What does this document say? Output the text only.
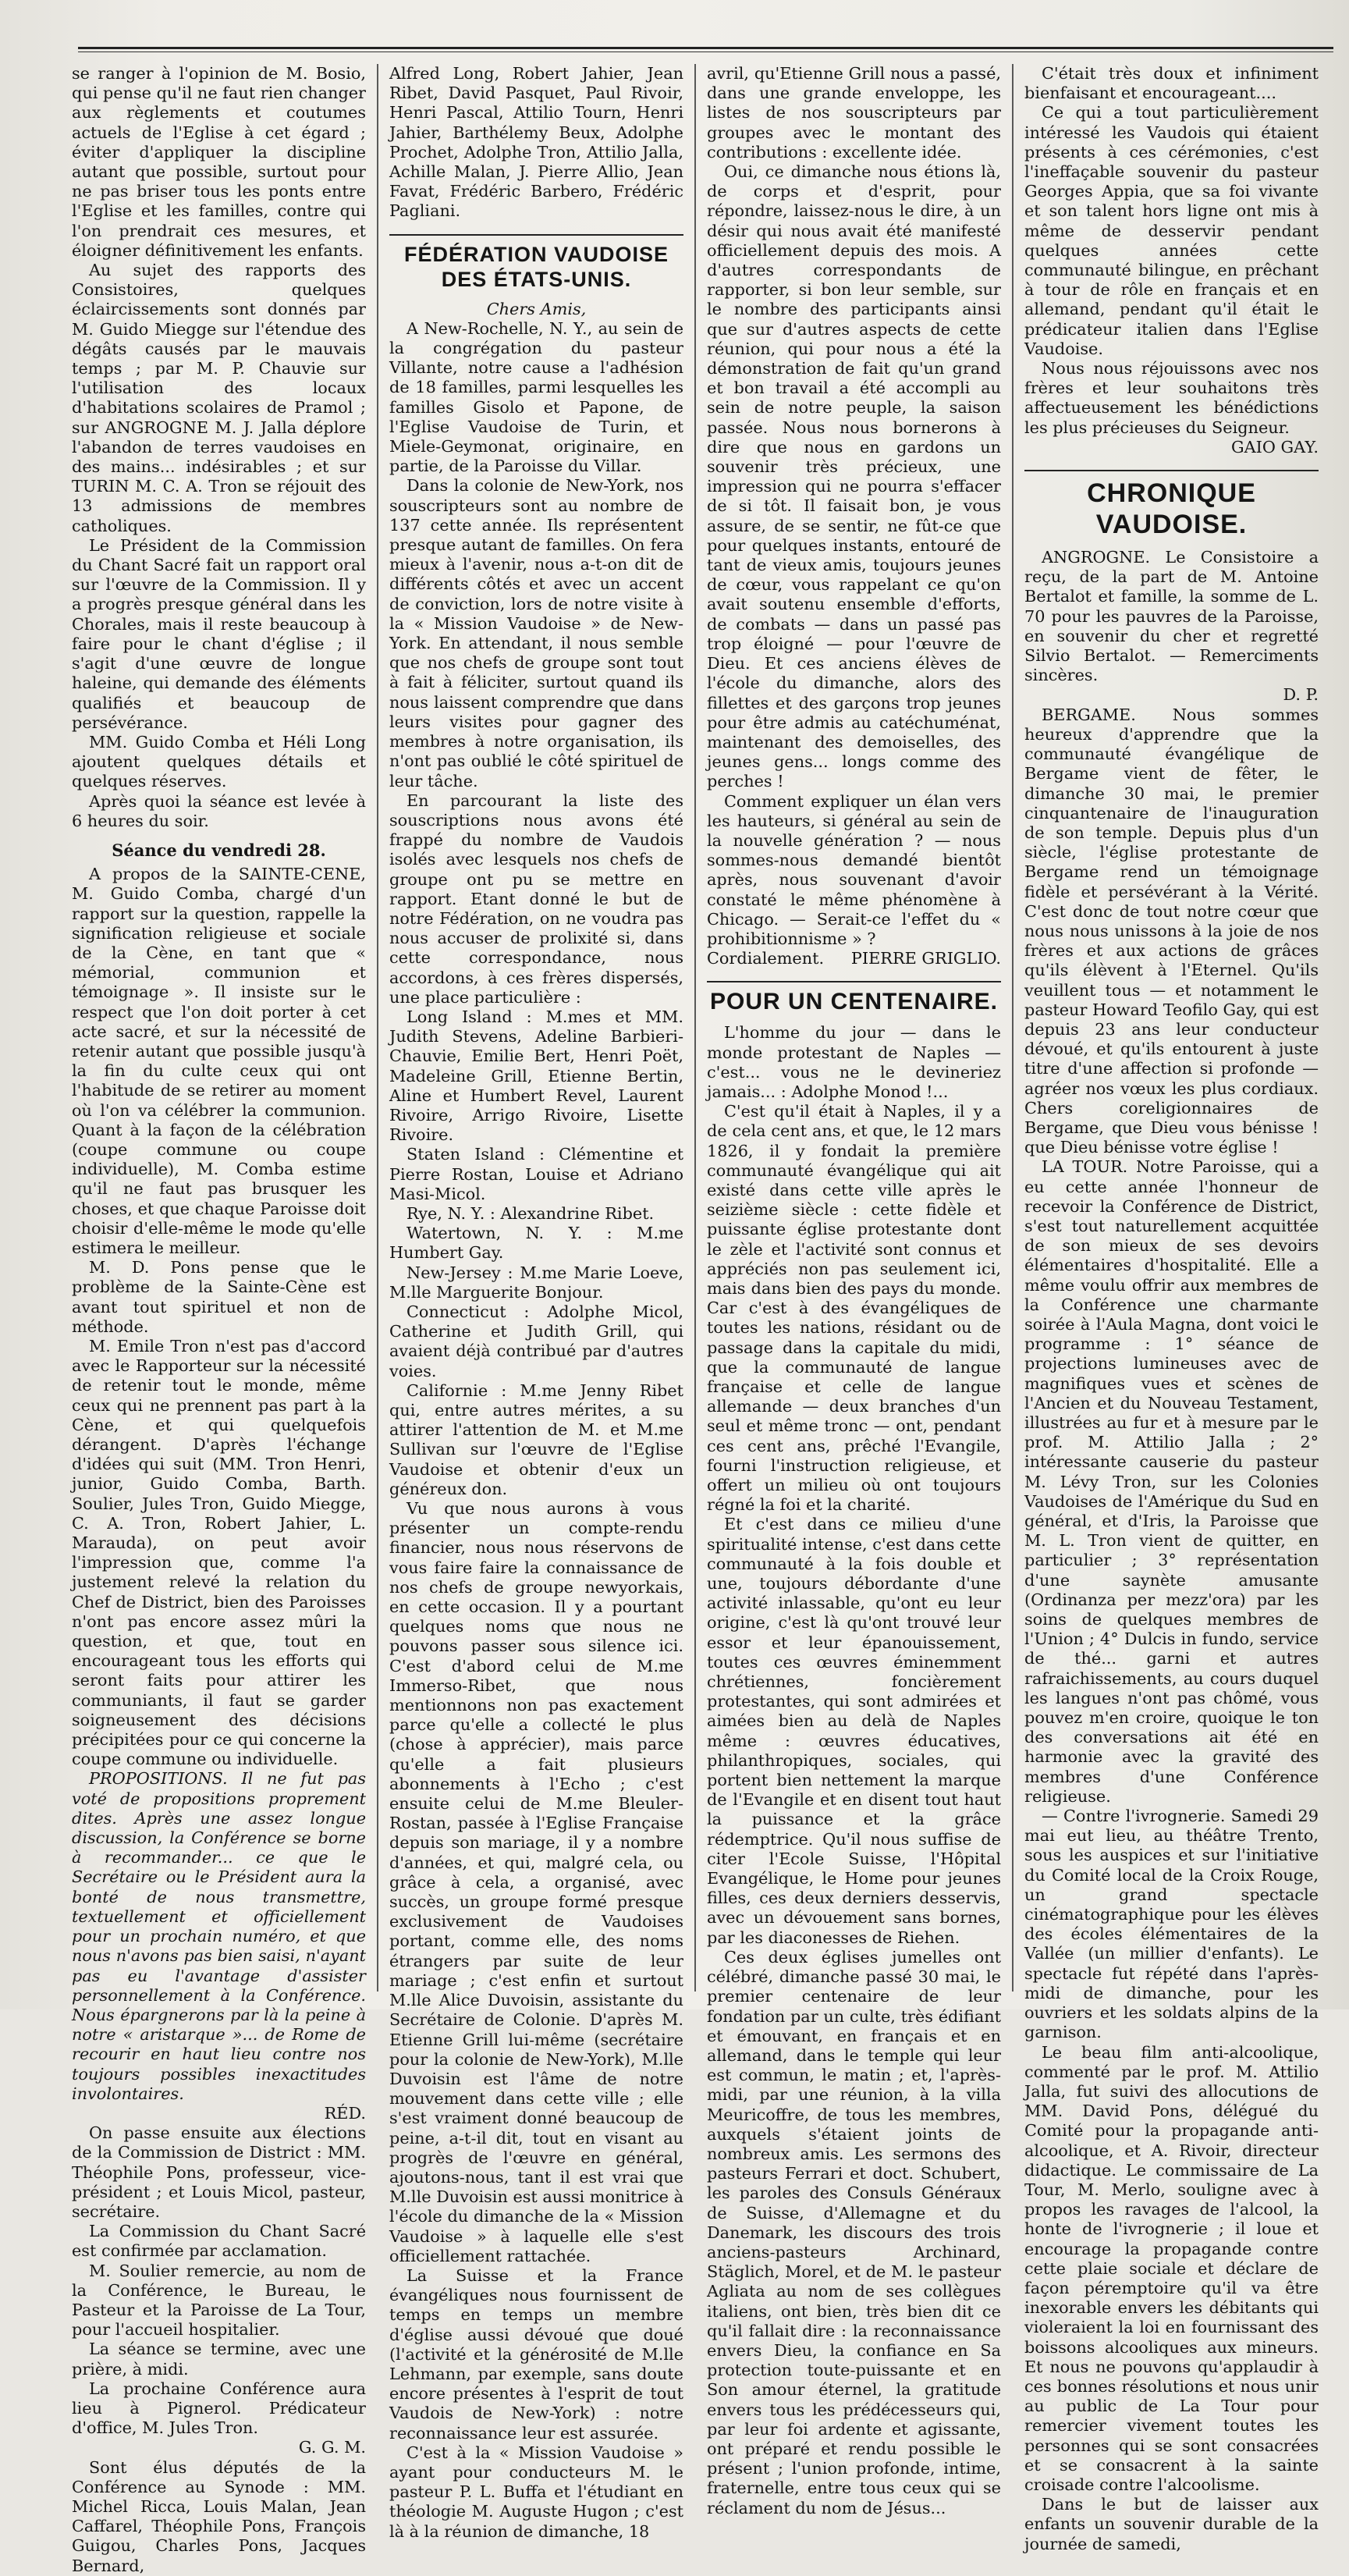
se ranger à l'opinion de M. Bosio, qui pense qu'il ne faut rien changer aux règlements et coutumes actuels de l'Eglise à cet égard ; éviter d'appliquer la discipline autant que possible, surtout pour ne pas briser tous les ponts entre l'Eglise et les familles, contre qui l'on prendrait ces mesures, et éloigner définitivement les enfants.

Au sujet des rapports des Consistoires, quelques éclaircissements sont donnés par M. Guido Miegge sur l'étendue des dégâts causés par le mauvais temps ; par M. P. Chauvie sur l'utilisation des locaux d'habitations scolaires de Pramol ; sur ANGROGNE M. J. Jalla déplore l'abandon de terres vaudoises en des mains... indésirables ; et sur TURIN M. C. A. Tron se réjouit des 13 admissions de membres catholiques.

Le Président de la Commission du Chant Sacré fait un rapport oral sur l'œuvre de la Commission. Il y a progrès presque général dans les Chorales, mais il reste beaucoup à faire pour le chant d'église ; il s'agit d'une œuvre de longue haleine, qui demande des éléments qualifiés et beaucoup de persévérance.

MM. Guido Comba et Héli Long ajoutent quelques détails et quelques réserves.

Après quoi la séance est levée à 6 heures du soir.

Séance du vendredi 28.

A propos de la SAINTE-CENE, M. Guido Comba, chargé d'un rapport sur la question, rappelle la signification religieuse et sociale de la Cène, en tant que « mémorial, communion et témoignage ». Il insiste sur le respect que l'on doit porter à cet acte sacré, et sur la nécessité de retenir autant que possible jusqu'à la fin du culte ceux qui ont l'habitude de se retirer au moment où l'on va célébrer la communion. Quant à la façon de la célébration (coupe commune ou coupe individuelle), M. Comba estime qu'il ne faut pas brusquer les choses, et que chaque Paroisse doit choisir d'elle-même le mode qu'elle estimera le meilleur.

M. D. Pons pense que le problème de la Sainte-Cène est avant tout spirituel et non de méthode.

M. Emile Tron n'est pas d'accord avec le Rapporteur sur la nécessité de retenir tout le monde, même ceux qui ne prennent pas part à la Cène, et qui quelquefois dérangent. D'après l'échange d'idées qui suit (MM. Tron Henri, junior, Guido Comba, Barth. Soulier, Jules Tron, Guido Miegge, C. A. Tron, Robert Jahier, L. Marauda), on peut avoir l'impression que, comme l'a justement relevé la relation du Chef de District, bien des Paroisses n'ont pas encore assez mûri la question, et que, tout en encourageant tous les efforts qui seront faits pour attirer les communiants, il faut se garder soigneusement des décisions précipitées pour ce qui concerne la coupe commune ou individuelle.

PROPOSITIONS. Il ne fut pas voté de propositions proprement dites. Après une assez longue discussion, la Conférence se borne à recommander... ce que le Secrétaire ou le Président aura la bonté de nous transmettre, textuellement et officiellement pour un prochain numéro, et que nous n'avons pas bien saisi, n'ayant pas eu l'avantage d'assister personnellement à la Conférence. Nous épargnerons par là la peine à notre « aristarque »... de Rome de recourir en haut lieu contre nos toujours possibles inexactitudes involontaires.

RÉD.

On passe ensuite aux élections de la Commission de District : MM. Théophile Pons, professeur, vice-président ; et Louis Micol, pasteur, secrétaire.

La Commission du Chant Sacré est confirmée par acclamation.

M. Soulier remercie, au nom de la Conférence, le Bureau, le Pasteur et la Paroisse de La Tour, pour l'accueil hospitalier.

La séance se termine, avec une prière, à midi.

La prochaine Conférence aura lieu à Pignerol. Prédicateur d'office, M. Jules Tron.

G. G. M.

Sont élus députés de la Conférence au Synode : MM. Michel Ricca, Louis Malan, Jean Caffarel, Théophile Pons, François Guigou, Charles Pons, Jacques Bernard,

Alfred Long, Robert Jahier, Jean Ribet, David Pasquet, Paul Rivoir, Henri Pascal, Attilio Tourn, Henri Jahier, Barthélemy Beux, Adolphe Prochet, Adolphe Tron, Attilio Jalla, Achille Malan, J. Pierre Allio, Jean Favat, Frédéric Barbero, Frédéric Pagliani.

FÉDÉRATION VAUDOISE DES ÉTATS-UNIS.

Chers Amis,

A New-Rochelle, N. Y., au sein de la congrégation du pasteur Villante, notre cause a l'adhésion de 18 familles, parmi lesquelles les familles Gisolo et Papone, de l'Eglise Vaudoise de Turin, et Miele-Geymonat, originaire, en partie, de la Paroisse du Villar.

Dans la colonie de New-York, nos souscripteurs sont au nombre de 137 cette année. Ils représentent presque autant de familles. On fera mieux à l'avenir, nous a-t-on dit de différents côtés et avec un accent de conviction, lors de notre visite à la « Mission Vaudoise » de New-York. En attendant, il nous semble que nos chefs de groupe sont tout à fait à féliciter, surtout quand ils nous laissent comprendre que dans leurs visites pour gagner des membres à notre organisation, ils n'ont pas oublié le côté spirituel de leur tâche.

En parcourant la liste des souscriptions nous avons été frappé du nombre de Vaudois isolés avec lesquels nos chefs de groupe ont pu se mettre en rapport. Etant donné le but de notre Fédération, on ne voudra pas nous accuser de prolixité si, dans cette correspondance, nous accordons, à ces frères dispersés, une place particulière :

Long Island : M.mes et MM. Judith Stevens, Adeline Barbieri-Chauvie, Emilie Bert, Henri Poët, Madeleine Grill, Etienne Bertin, Aline et Humbert Revel, Laurent Rivoire, Arrigo Rivoire, Lisette Rivoire.

Staten Island : Clémentine et Pierre Rostan, Louise et Adriano Masi-Micol.

Rye, N. Y. : Alexandrine Ribet.

Watertown, N. Y. : M.me Humbert Gay.

New-Jersey : M.me Marie Loeve, M.lle Marguerite Bonjour.

Connecticut : Adolphe Micol, Catherine et Judith Grill, qui avaient déjà contribué par d'autres voies.

Californie : M.me Jenny Ribet qui, entre autres mérites, a su attirer l'attention de M. et M.me Sullivan sur l'œuvre de l'Eglise Vaudoise et obtenir d'eux un généreux don.

Vu que nous aurons à vous présenter un compte-rendu financier, nous nous réservons de vous faire faire la connaissance de nos chefs de groupe newyorkais, en cette occasion. Il y a pourtant quelques noms que nous ne pouvons passer sous silence ici. C'est d'abord celui de M.me Immerso-Ribet, que nous mentionnons non pas exactement parce qu'elle a collecté le plus (chose à apprécier), mais parce qu'elle a fait plusieurs abonnements à l'Echo ; c'est ensuite celui de M.me Bleuler-Rostan, passée à l'Eglise Française depuis son mariage, il y a nombre d'années, et qui, malgré cela, ou grâce à cela, a organisé, avec succès, un groupe formé presque exclusivement de Vaudoises portant, comme elle, des noms étrangers par suite de leur mariage ; c'est enfin et surtout M.lle Alice Duvoisin, assistante du Secrétaire de Colonie. D'après M. Etienne Grill lui-même (secrétaire pour la colonie de New-York), M.lle Duvoisin est l'âme de notre mouvement dans cette ville ; elle s'est vraiment donné beaucoup de peine, a-t-il dit, tout en visant au progrès de l'œuvre en général, ajoutons-nous, tant il est vrai que M.lle Duvoisin est aussi monitrice à l'école du dimanche de la « Mission Vaudoise » à laquelle elle s'est officiellement rattachée.

La Suisse et la France évangéliques nous fournissent de temps en temps un membre d'église aussi dévoué que doué (l'activité et la générosité de M.lle Lehmann, par exemple, sans doute encore présentes à l'esprit de tout Vaudois de New-York) : notre reconnaissance leur est assurée.

C'est à la « Mission Vaudoise » ayant pour conducteurs M. le pasteur P. L. Buffa et l'étudiant en théologie M. Auguste Hugon ; c'est là à la réunion de dimanche, 18

avril, qu'Etienne Grill nous a passé, dans une grande enveloppe, les listes de nos souscripteurs par groupes avec le montant des contributions : excellente idée.

Oui, ce dimanche nous étions là, de corps et d'esprit, pour répondre, laissez-nous le dire, à un désir qui nous avait été manifesté officiellement depuis des mois. A d'autres correspondants de rapporter, si bon leur semble, sur le nombre des participants ainsi que sur d'autres aspects de cette réunion, qui pour nous a été la démonstration de fait qu'un grand et bon travail a été accompli au sein de notre peuple, la saison passée. Nous nous bornerons à dire que nous en gardons un souvenir très précieux, une impression qui ne pourra s'effacer de si tôt. Il faisait bon, je vous assure, de se sentir, ne fût-ce que pour quelques instants, entouré de tant de vieux amis, toujours jeunes de cœur, vous rappelant ce qu'on avait soutenu ensemble d'efforts, de combats — dans un passé pas trop éloigné — pour l'œuvre de Dieu. Et ces anciens élèves de l'école du dimanche, alors des fillettes et des garçons trop jeunes pour être admis au catéchuménat, maintenant des demoiselles, des jeunes gens... longs comme des perches !

Comment expliquer un élan vers les hauteurs, si général au sein de la nouvelle génération ? — nous sommes-nous demandé bientôt après, nous souvenant d'avoir constaté le même phénomène à Chicago. — Serait-ce l'effet du « prohibitionnisme » ?

Cordialement. PIERRE GRIGLIO.

POUR UN CENTENAIRE.

L'homme du jour — dans le monde protestant de Naples — c'est... vous ne le devineriez jamais... : Adolphe Monod !...

C'est qu'il était à Naples, il y a de cela cent ans, et que, le 12 mars 1826, il y fondait la première communauté évangélique qui ait existé dans cette ville après le seizième siècle : cette fidèle et puissante église protestante dont le zèle et l'activité sont connus et appréciés non pas seulement ici, mais dans bien des pays du monde. Car c'est à des évangéliques de toutes les nations, résidant ou de passage dans la capitale du midi, que la communauté de langue française et celle de langue allemande — deux branches d'un seul et même tronc — ont, pendant ces cent ans, prêché l'Evangile, fourni l'instruction religieuse, et offert un milieu où ont toujours régné la foi et la charité.

Et c'est dans ce milieu d'une spiritualité intense, c'est dans cette communauté à la fois double et une, toujours débordante d'une activité inlassable, qu'ont eu leur origine, c'est là qu'ont trouvé leur essor et leur épanouissement, toutes ces œuvres éminemment chrétiennes, foncièrement protestantes, qui sont admirées et aimées bien au delà de Naples même : œuvres éducatives, philanthropiques, sociales, qui portent bien nettement la marque de l'Evangile et en disent tout haut la puissance et la grâce rédemptrice. Qu'il nous suffise de citer l'Ecole Suisse, l'Hôpital Evangélique, le Home pour jeunes filles, ces deux derniers desservis, avec un dévouement sans bornes, par les diaconesses de Riehen.

Ces deux églises jumelles ont célébré, dimanche passé 30 mai, le premier centenaire de leur fondation par un culte, très édifiant et émouvant, en français et en allemand, dans le temple qui leur est commun, le matin ; et, l'après-midi, par une réunion, à la villa Meuricoffre, de tous les membres, auxquels s'étaient joints de nombreux amis. Les sermons des pasteurs Ferrari et doct. Schubert, les paroles des Consuls Généraux de Suisse, d'Allemagne et du Danemark, les discours des trois anciens-pasteurs Archinard, Stäglich, Morel, et de M. le pasteur Agliata au nom de ses collègues italiens, ont bien, très bien dit ce qu'il fallait dire : la reconnaissance envers Dieu, la confiance en Sa protection toute-puissante et en Son amour éternel, la gratitude envers tous les prédécesseurs qui, par leur foi ardente et agissante, ont préparé et rendu possible le présent ; l'union profonde, intime, fraternelle, entre tous ceux qui se réclament du nom de Jésus...

C'était très doux et infiniment bienfaisant et encourageant....

Ce qui a tout particulièrement intéressé les Vaudois qui étaient présents à ces cérémonies, c'est l'ineffaçable souvenir du pasteur Georges Appia, que sa foi vivante et son talent hors ligne ont mis à même de desservir pendant quelques années cette communauté bilingue, en prêchant à tour de rôle en français et en allemand, pendant qu'il était le prédicateur italien dans l'Eglise Vaudoise.

Nous nous réjouissons avec nos frères et leur souhaitons très affectueusement les bénédictions les plus précieuses du Seigneur.

GAIO GAY.

CHRONIQUE VAUDOISE.

ANGROGNE. Le Consistoire a reçu, de la part de M. Antoine Bertalot et famille, la somme de L. 70 pour les pauvres de la Paroisse, en souvenir du cher et regretté Silvio Bertalot. — Remerciments sincères.

D. P.

BERGAME. Nous sommes heureux d'apprendre que la communauté évangélique de Bergame vient de fêter, le dimanche 30 mai, le premier cinquantenaire de l'inauguration de son temple. Depuis plus d'un siècle, l'église protestante de Bergame rend un témoignage fidèle et persévérant à la Vérité. C'est donc de tout notre cœur que nous nous unissons à la joie de nos frères et aux actions de grâces qu'ils élèvent à l'Eternel. Qu'ils veuillent tous — et notamment le pasteur Howard Teofilo Gay, qui est depuis 23 ans leur conducteur dévoué, et qu'ils entourent à juste titre d'une affection si profonde — agréer nos vœux les plus cordiaux. Chers coreligionnaires de Bergame, que Dieu vous bénisse ! que Dieu bénisse votre église !

LA TOUR. Notre Paroisse, qui a eu cette année l'honneur de recevoir la Conférence de District, s'est tout naturellement acquittée de son mieux de ses devoirs élémentaires d'hospitalité. Elle a même voulu offrir aux membres de la Conférence une charmante soirée à l'Aula Magna, dont voici le programme : 1° séance de projections lumineuses avec de magnifiques vues et scènes de l'Ancien et du Nouveau Testament, illustrées au fur et à mesure par le prof. M. Attilio Jalla ; 2° intéressante causerie du pasteur M. Lévy Tron, sur les Colonies Vaudoises de l'Amérique du Sud en général, et d'Iris, la Paroisse que M. L. Tron vient de quitter, en particulier ; 3° représentation d'une saynète amusante (Ordinanza per mezz'ora) par les soins de quelques membres de l'Union ; 4° Dulcis in fundo, service de thé... garni et autres rafraichissements, au cours duquel les langues n'ont pas chômé, vous pouvez m'en croire, quoique le ton des conversations ait été en harmonie avec la gravité des membres d'une Conférence religieuse.

— Contre l'ivrognerie. Samedi 29 mai eut lieu, au théâtre Trento, sous les auspices et sur l'initiative du Comité local de la Croix Rouge, un grand spectacle cinématographique pour les élèves des écoles élémentaires de la Vallée (un millier d'enfants). Le spectacle fut répété dans l'après-midi de dimanche, pour les ouvriers et les soldats alpins de la garnison.

Le beau film anti-alcoolique, commenté par le prof. M. Attilio Jalla, fut suivi des allocutions de MM. David Pons, délégué du Comité pour la propagande anti-alcoolique, et A. Rivoir, directeur didactique. Le commissaire de La Tour, M. Merlo, souligne avec à propos les ravages de l'alcool, la honte de l'ivrognerie ; il loue et encourage la propagande contre cette plaie sociale et déclare de façon péremptoire qu'il va être inexorable envers les débitants qui violeraient la loi en fournissant des boissons alcooliques aux mineurs. Et nous ne pouvons qu'applaudir à ces bonnes résolutions et nous unir au public de La Tour pour remercier vivement toutes les personnes qui se sont consacrées et se consacrent à la sainte croisade contre l'alcoolisme.

Dans le but de laisser aux enfants un souvenir durable de la journée de samedi,
